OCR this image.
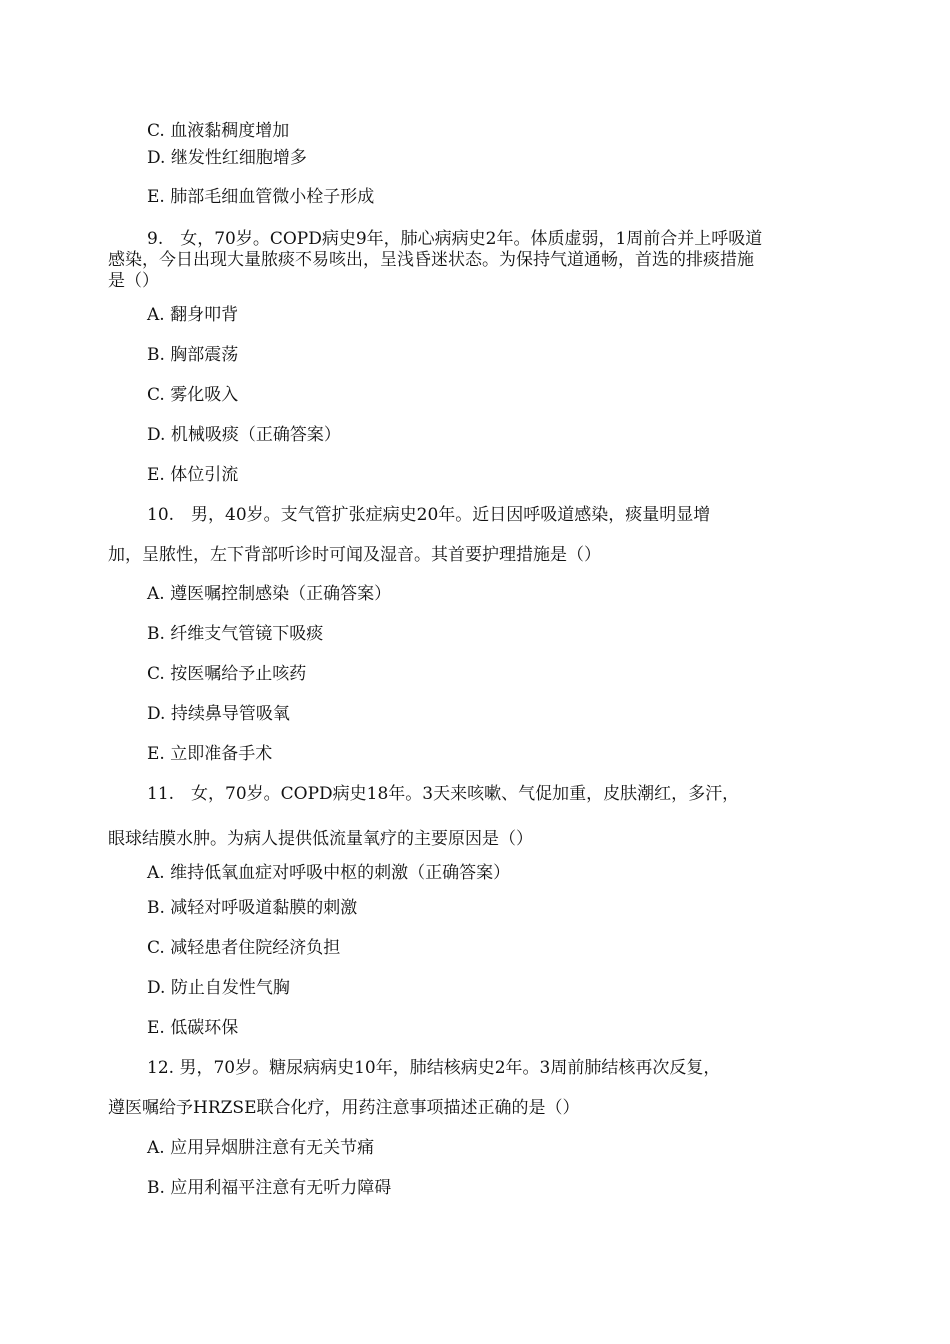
C. 血液黏稠度增加
D. 继发性红细胞增多
E. 肺部毛细血管微小栓子形成
9.　女，70岁。COPD病史9年，肺心病病史2年。体质虚弱，1周前合并上呼吸道
感染，今日出现大量脓痰不易咳出，呈浅昏迷状态。为保持气道通畅，首选的排痰措施
是（）
A. 翻身叩背
B. 胸部震荡
C. 雾化吸入
D. 机械吸痰（正确答案）
E. 体位引流
10.　男，40岁。支气管扩张症病史20年。近日因呼吸道感染，痰量明显增
加，呈脓性，左下背部听诊时可闻及湿音。其首要护理措施是（）
A. 遵医嘱控制感染（正确答案）
B. 纤维支气管镜下吸痰
C. 按医嘱给予止咳药
D. 持续鼻导管吸氧
E. 立即准备手术
11.　女，70岁。COPD病史18年。3天来咳嗽、气促加重，皮肤潮红，多汗，
眼球结膜水肿。为病人提供低流量氧疗的主要原因是（）
A. 维持低氧血症对呼吸中枢的刺激（正确答案）
B. 减轻对呼吸道黏膜的刺激
C. 减轻患者住院经济负担
D. 防止自发性气胸
E. 低碳环保
12. 男，70岁。糖尿病病史10年，肺结核病史2年。3周前肺结核再次反复，
遵医嘱给予HRZSE联合化疗，用药注意事项描述正确的是（）
A. 应用异烟肼注意有无关节痛
B. 应用利福平注意有无听力障碍
